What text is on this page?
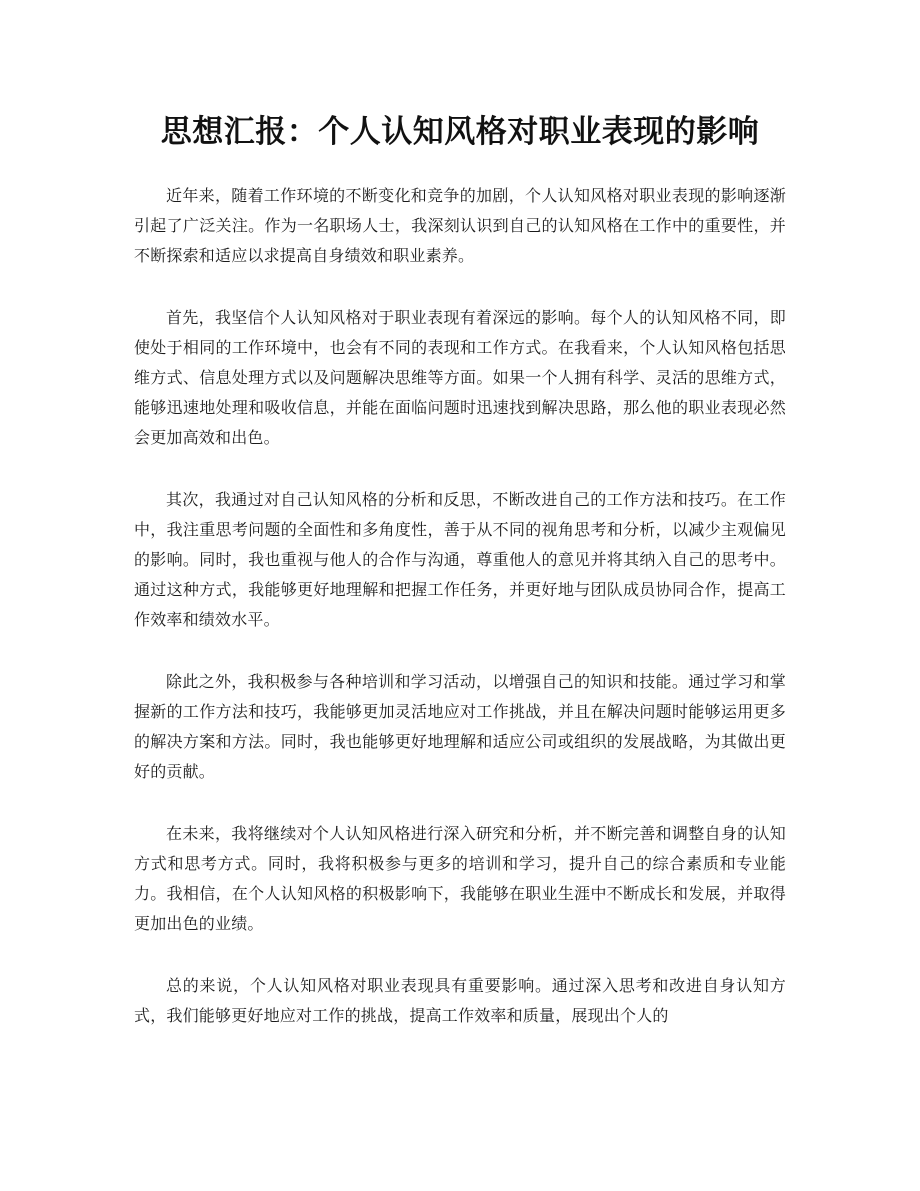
思想汇报：个人认知风格对职业表现的影响

近年来，随着工作环境的不断变化和竞争的加剧，个人认知风格对职业表现的影响逐渐引起了广泛关注。作为一名职场人士，我深刻认识到自己的认知风格在工作中的重要性，并不断探索和适应以求提高自身绩效和职业素养。

首先，我坚信个人认知风格对于职业表现有着深远的影响。每个人的认知风格不同，即使处于相同的工作环境中，也会有不同的表现和工作方式。在我看来，个人认知风格包括思维方式、信息处理方式以及问题解决思维等方面。如果一个人拥有科学、灵活的思维方式，能够迅速地处理和吸收信息，并能在面临问题时迅速找到解决思路，那么他的职业表现必然会更加高效和出色。

其次，我通过对自己认知风格的分析和反思，不断改进自己的工作方法和技巧。在工作中，我注重思考问题的全面性和多角度性，善于从不同的视角思考和分析，以减少主观偏见的影响。同时，我也重视与他人的合作与沟通，尊重他人的意见并将其纳入自己的思考中。通过这种方式，我能够更好地理解和把握工作任务，并更好地与团队成员协同合作，提高工作效率和绩效水平。

除此之外，我积极参与各种培训和学习活动，以增强自己的知识和技能。通过学习和掌握新的工作方法和技巧，我能够更加灵活地应对工作挑战，并且在解决问题时能够运用更多的解决方案和方法。同时，我也能够更好地理解和适应公司或组织的发展战略，为其做出更好的贡献。

在未来，我将继续对个人认知风格进行深入研究和分析，并不断完善和调整自身的认知方式和思考方式。同时，我将积极参与更多的培训和学习，提升自己的综合素质和专业能力。我相信，在个人认知风格的积极影响下，我能够在职业生涯中不断成长和发展，并取得更加出色的业绩。

总的来说，个人认知风格对职业表现具有重要影响。通过深入思考和改进自身认知方式，我们能够更好地应对工作的挑战，提高工作效率和质量，展现出个人的
